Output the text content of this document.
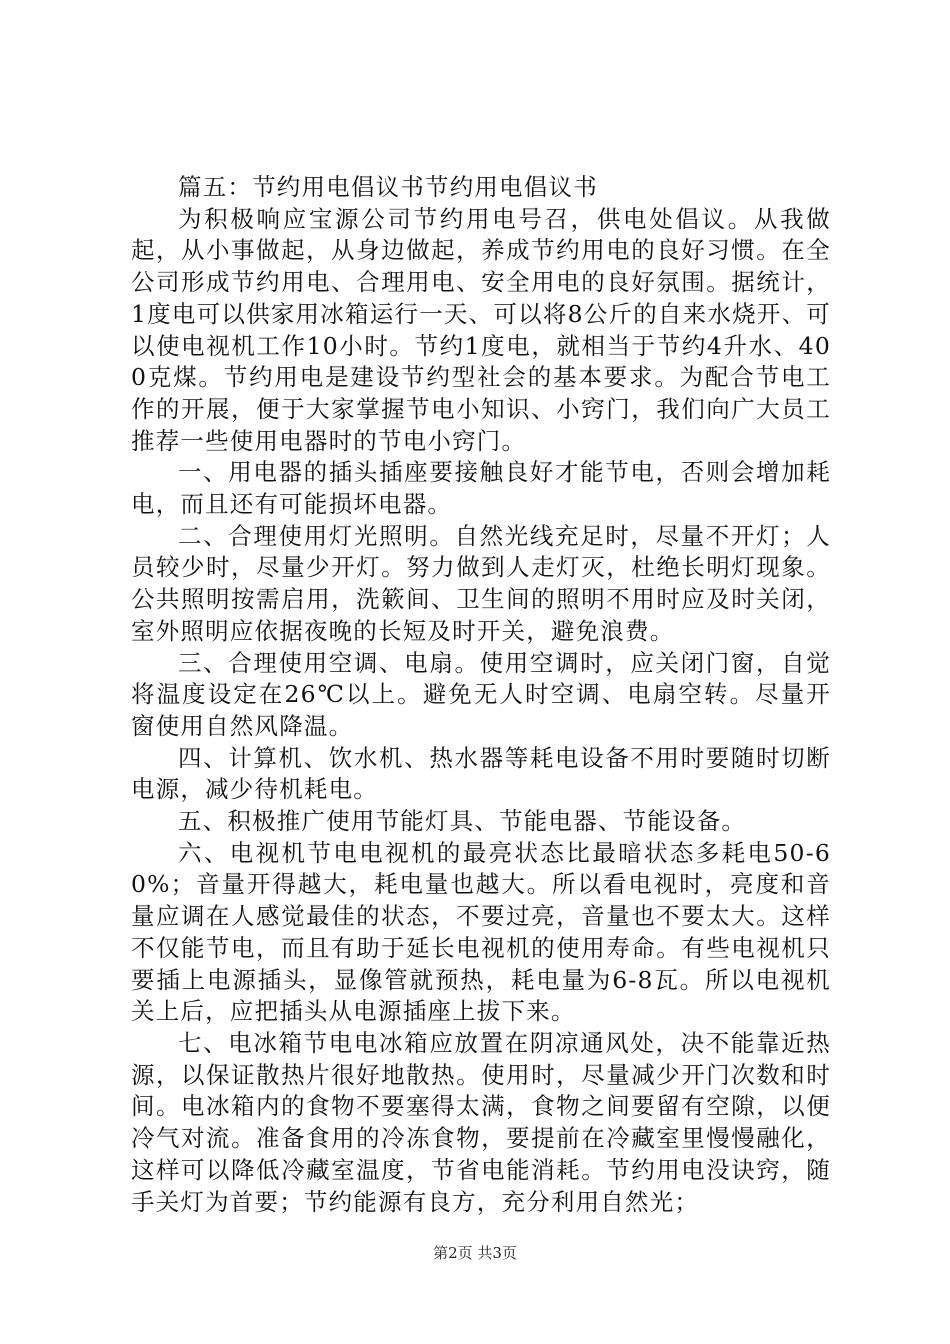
篇五：节约用电倡议书节约用电倡议书

为积极响应宝源公司节约用电号召，供电处倡议。从我做起，从小事做起，从身边做起，养成节约用电的良好习惯。在全公司形成节约用电、合理用电、安全用电的良好氛围。据统计，1度电可以供家用冰箱运行一天、可以将8公斤的自来水烧开、可以使电视机工作10小时。节约1度电，就相当于节约4升水、400克煤。节约用电是建设节约型社会的基本要求。为配合节电工作的开展，便于大家掌握节电小知识、小窍门，我们向广大员工推荐一些使用电器时的节电小窍门。

一、用电器的插头插座要接触良好才能节电，否则会增加耗电，而且还有可能损坏电器。

二、合理使用灯光照明。自然光线充足时，尽量不开灯；人员较少时，尽量少开灯。努力做到人走灯灭，杜绝长明灯现象。公共照明按需启用，洗簌间、卫生间的照明不用时应及时关闭，室外照明应依据夜晚的长短及时开关，避免浪费。

三、合理使用空调、电扇。使用空调时，应关闭门窗，自觉将温度设定在26℃以上。避免无人时空调、电扇空转。尽量开窗使用自然风降温。

四、计算机、饮水机、热水器等耗电设备不用时要随时切断电源，减少待机耗电。

五、积极推广使用节能灯具、节能电器、节能设备。

六、电视机节电电视机的最亮状态比最暗状态多耗电50-60%；音量开得越大，耗电量也越大。所以看电视时，亮度和音量应调在人感觉最佳的状态，不要过亮，音量也不要太大。这样不仅能节电，而且有助于延长电视机的使用寿命。有些电视机只要插上电源插头，显像管就预热，耗电量为6-8瓦。所以电视机关上后，应把插头从电源插座上拔下来。

七、电冰箱节电电冰箱应放置在阴凉通风处，决不能靠近热源，以保证散热片很好地散热。使用时，尽量减少开门次数和时间。电冰箱内的食物不要塞得太满，食物之间要留有空隙，以便冷气对流。准备食用的冷冻食物，要提前在冷藏室里慢慢融化，这样可以降低冷藏室温度，节省电能消耗。节约用电没诀窍，随手关灯为首要；节约能源有良方，充分利用自然光；

第2页 共3页
